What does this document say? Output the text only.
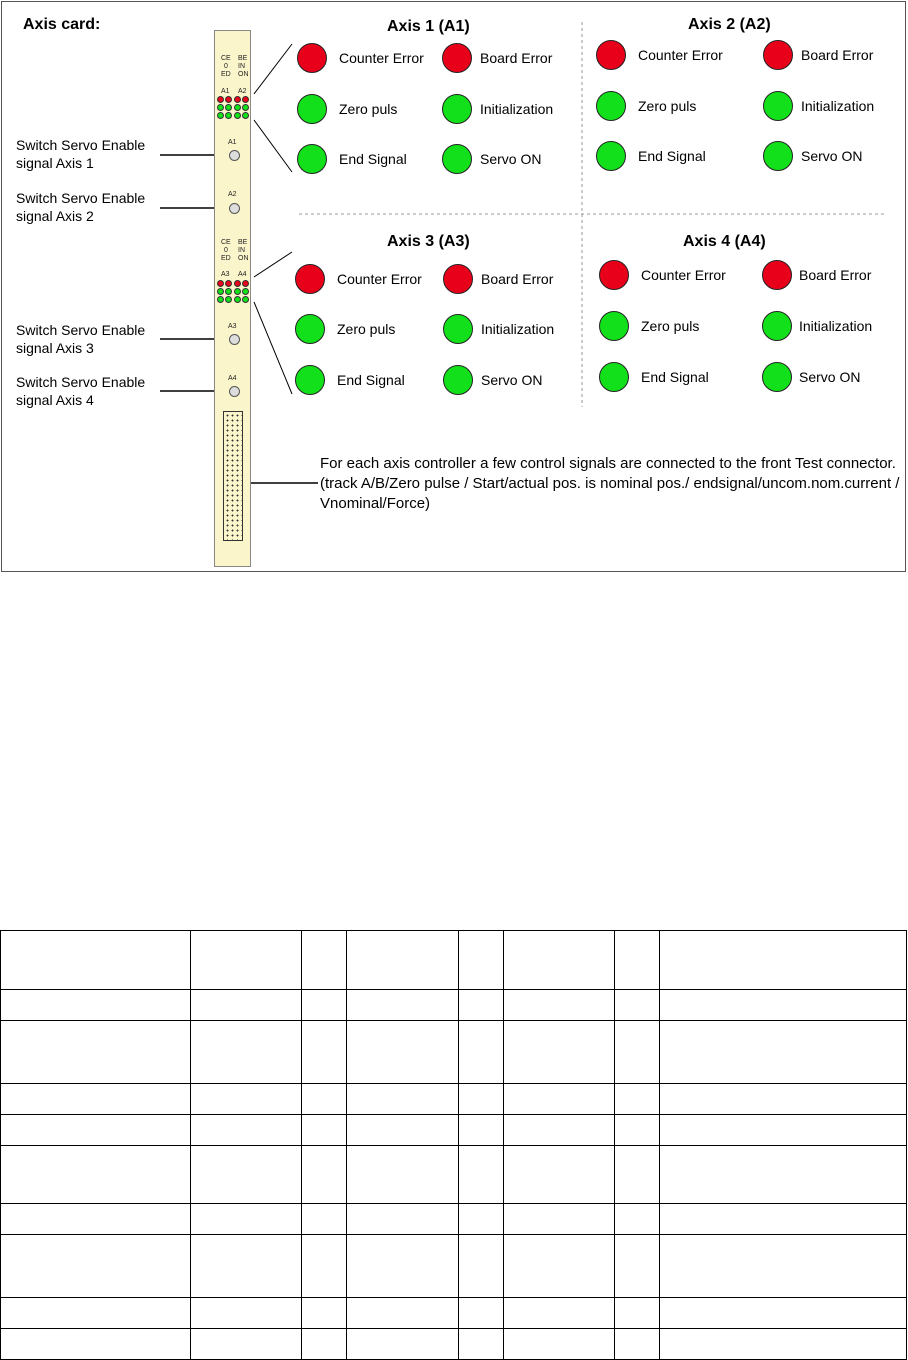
Axis card:
Switch Servo Enable
signal Axis 1
Switch Servo Enable
signal Axis 2
Switch Servo Enable
signal Axis 3
Switch Servo Enable
signal Axis 4
CE BE
0 IN
ED ON
A1 A2
A1
A2
CE BE
0 IN
ED ON
A3 A4
A3
A4
Axis 1 (A1)
Counter Error	Board Error
Zero puls	Initialization
End Signal	Servo ON
Axis 2 (A2)
Counter Error	Board Error
Zero puls	Initialization
End Signal	Servo ON
Axis 3 (A3)
Counter Error	Board Error
Zero puls	Initialization
End Signal	Servo ON
Axis 4 (A4)
Counter Error	Board Error
Zero puls	Initialization
End Signal	Servo ON
For each axis controller a few control signals are connected to the front Test connector. (track A/B/Zero pulse / Start/actual pos. is nominal pos./ endsignal/uncom.nom.current / Vnominal/Force)
